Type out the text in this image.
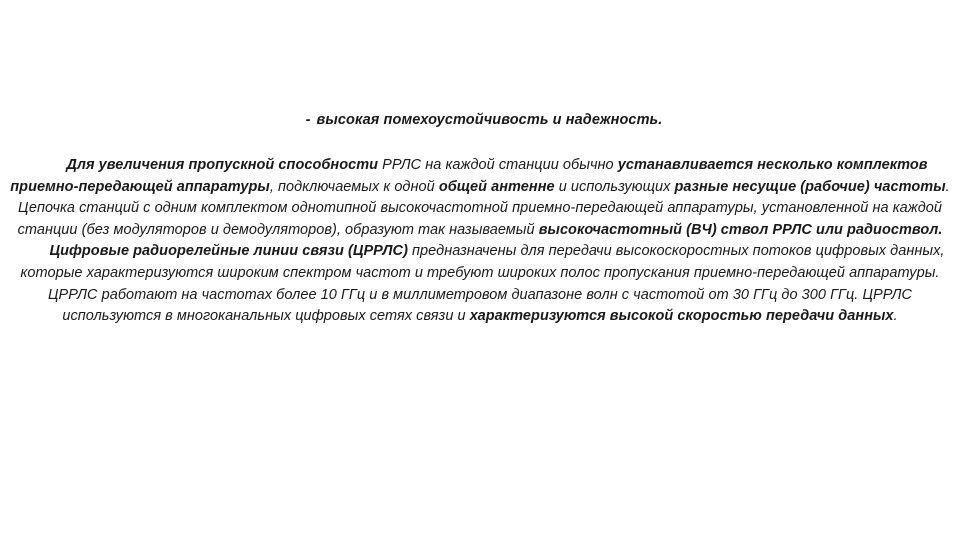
- высокая помехоустойчивость и надежность.

Для увеличения пропускной способности РРЛС на каждой станции обычно устанавливается несколько комплектов приемно-передающей аппаратуры, подключаемых к одной общей антенне и использующих разные несущие (рабочие) частоты. Цепочка станций с одним комплектом однотипной высокочастотной приемно-передающей аппаратуры, установленной на каждой станции (без модуляторов и демодуляторов), образуют так называемый высокочастотный (ВЧ) ствол РРЛС или радиоствол.

Цифровые радиорелейные линии связи (ЦРРЛС) предназначены для передачи высокоскоростных потоков цифровых данных, которые характеризуются широким спектром частот и требуют широких полос пропускания приемно-передающей аппаратуры. ЦРРЛС работают на частотах более 10 ГГц и в миллиметровом диапазоне волн с частотой от 30 ГГц до 300 ГГц. ЦРРЛС используются в многоканальных цифровых сетях связи и характеризуются высокой скоростью передачи данных.
